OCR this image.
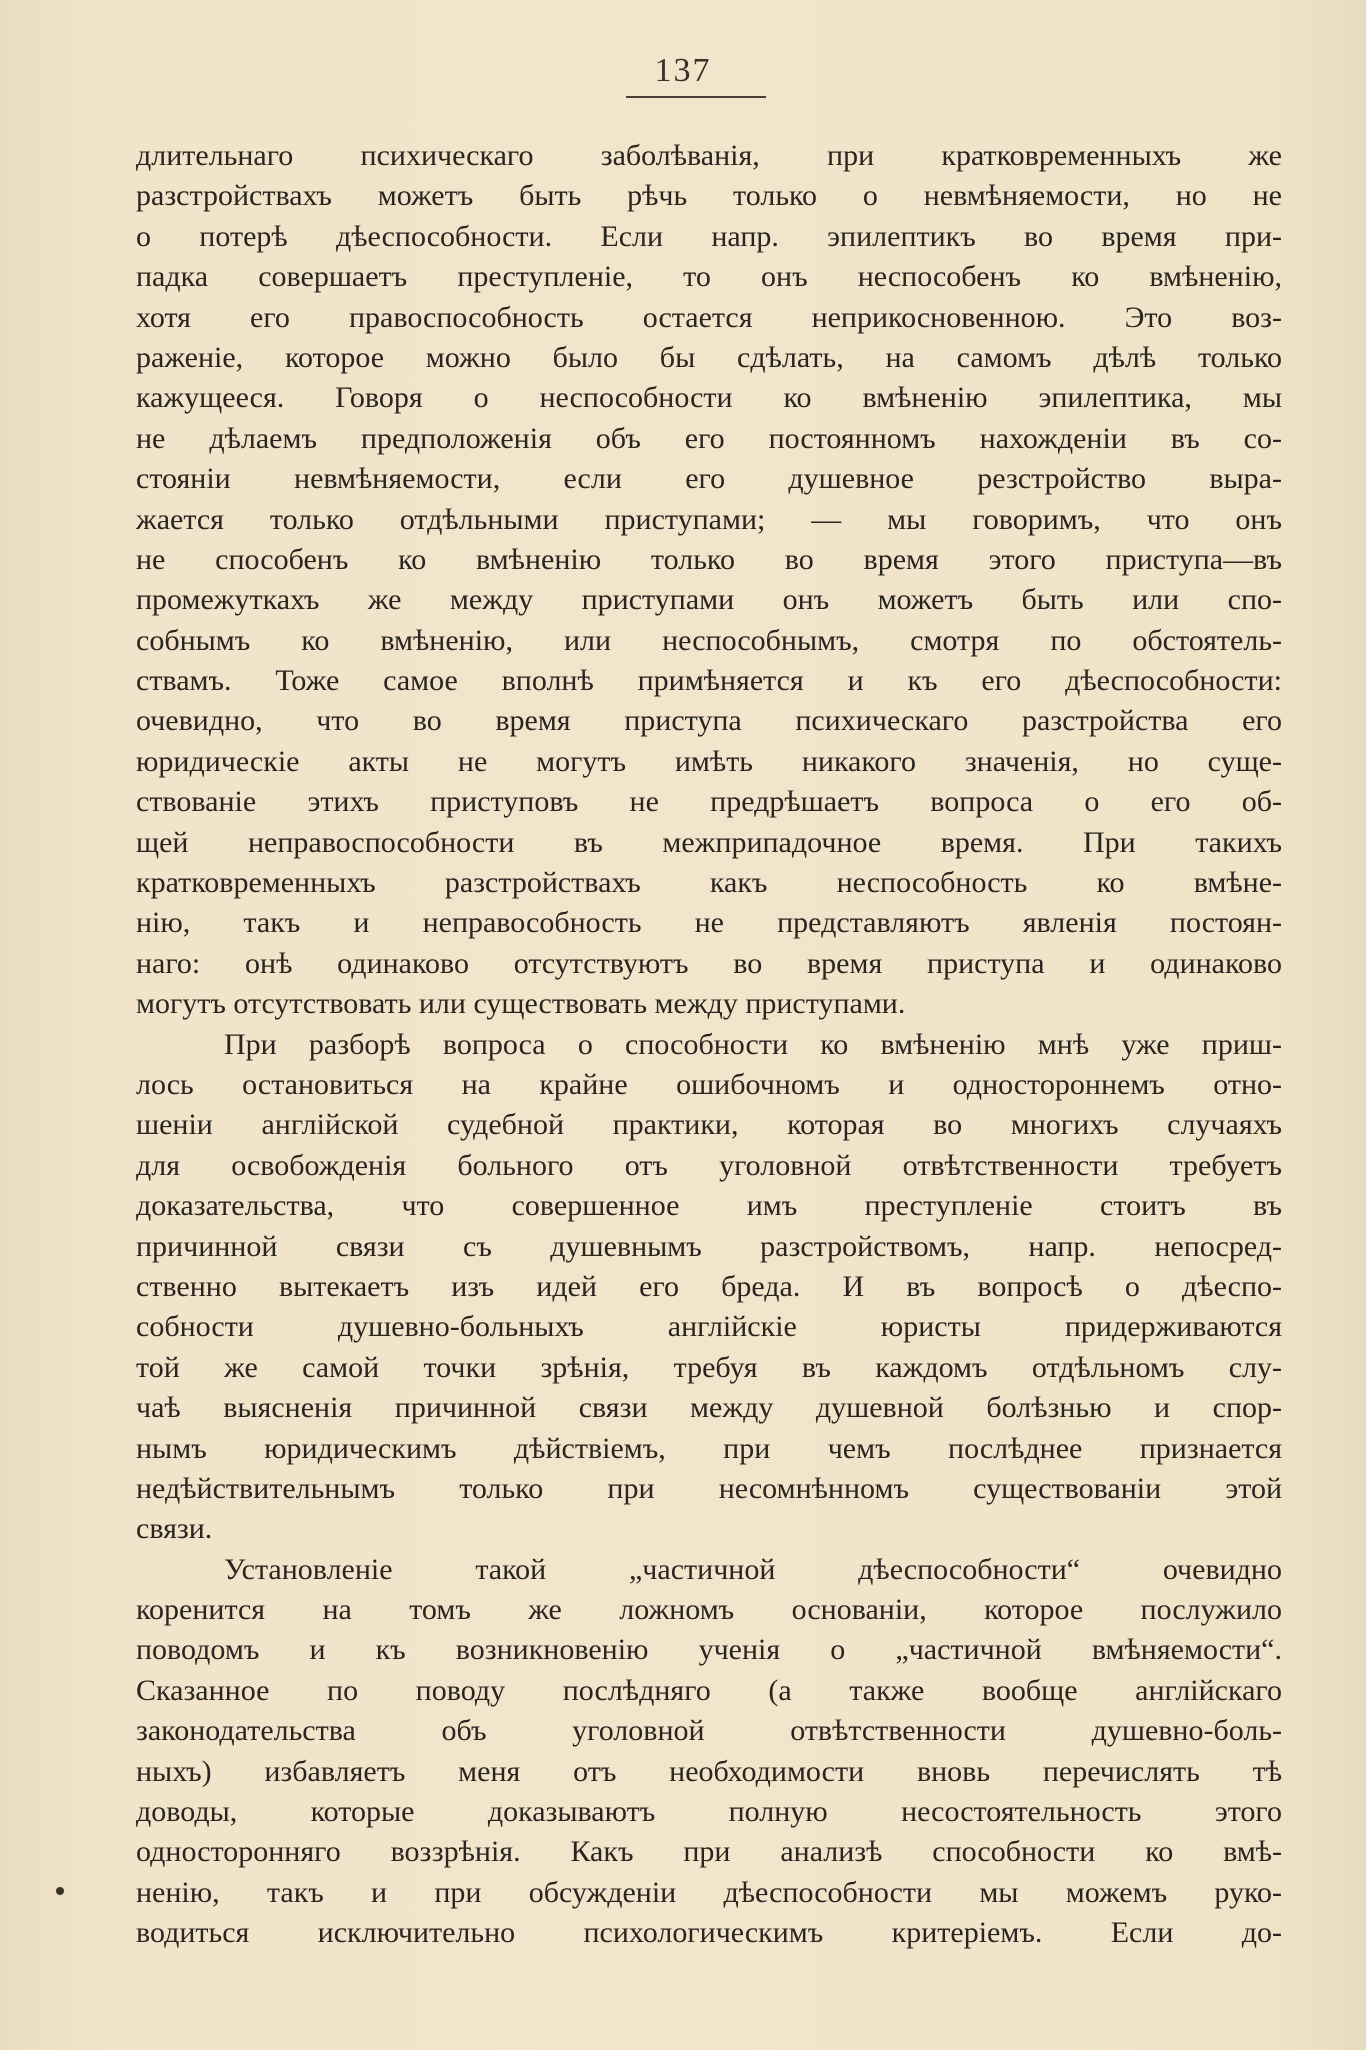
137
длительнаго психическаго заболѣванія, при кратковременныхъ же
разстройствахъ можетъ быть рѣчь только о невмѣняемости, но не
о потерѣ дѣеспособности. Если напр. эпилептикъ во время при-
падка совершаетъ преступленіе, то онъ неспособенъ ко вмѣненію,
хотя его правоспособность остается неприкосновенною. Это воз-
раженіе, которое можно было бы сдѣлать, на самомъ дѣлѣ только
кажущееся. Говоря о неспособности ко вмѣненію эпилептика, мы
не дѣлаемъ предположенія объ его постоянномъ нахожденіи въ со-
стояніи невмѣняемости, если его душевное резстройство выра-
жается только отдѣльными приступами; — мы говоримъ, что онъ
не способенъ ко вмѣненію только во время этого приступа—въ
промежуткахъ же между приступами онъ можетъ быть или спо-
собнымъ ко вмѣненію, или неспособнымъ, смотря по обстоятель-
ствамъ. Тоже самое вполнѣ примѣняется и къ его дѣеспособности:
очевидно, что во время приступа психическаго разстройства его
юридическіе акты не могутъ имѣть никакого значенія, но суще-
ствованіе этихъ приступовъ не предрѣшаетъ вопроса о его об-
щей неправоспособности въ межприпадочное время. При такихъ
кратковременныхъ разстройствахъ какъ неспособность ко вмѣне-
нію, такъ и неправособность не представляютъ явленія постоян-
наго: онѣ одинаково отсутствуютъ во время приступа и одинаково
могутъ отсутствовать или существовать между приступами.
При разборѣ вопроса о способности ко вмѣненію мнѣ уже приш-
лось остановиться на крайне ошибочномъ и одностороннемъ отно-
шеніи англійской судебной практики, которая во многихъ случаяхъ
для освобожденія больного отъ уголовной отвѣтственности требуетъ
доказательства, что совершенное имъ преступленіе стоитъ въ
причинной связи съ душевнымъ разстройствомъ, напр. непосред-
ственно вытекаетъ изъ идей его бреда. И въ вопросѣ о дѣеспо-
собности душевно-больныхъ англійскіе юристы придерживаются
той же самой точки зрѣнія, требуя въ каждомъ отдѣльномъ слу-
чаѣ выясненія причинной связи между душевной болѣзнью и спор-
нымъ юридическимъ дѣйствіемъ, при чемъ послѣднее признается
недѣйствительнымъ только при несомнѣнномъ существованіи этой
связи.
Установленіе такой „частичной дѣеспособности“ очевидно
коренится на томъ же ложномъ основаніи, которое послужило
поводомъ и къ возникновенію ученія о „частичной вмѣняемости“.
Сказанное по поводу послѣдняго (а также вообще англійскаго
законодательства объ уголовной отвѣтственности душевно-боль-
ныхъ) избавляетъ меня отъ необходимости вновь перечислять тѣ
доводы, которые доказываютъ полную несостоятельность этого
односторонняго воззрѣнія. Какъ при анализѣ способности ко вмѣ-
ненію, такъ и при обсужденіи дѣеспособности мы можемъ руко-
водиться исключительно психологическимъ критеріемъ. Если до-
